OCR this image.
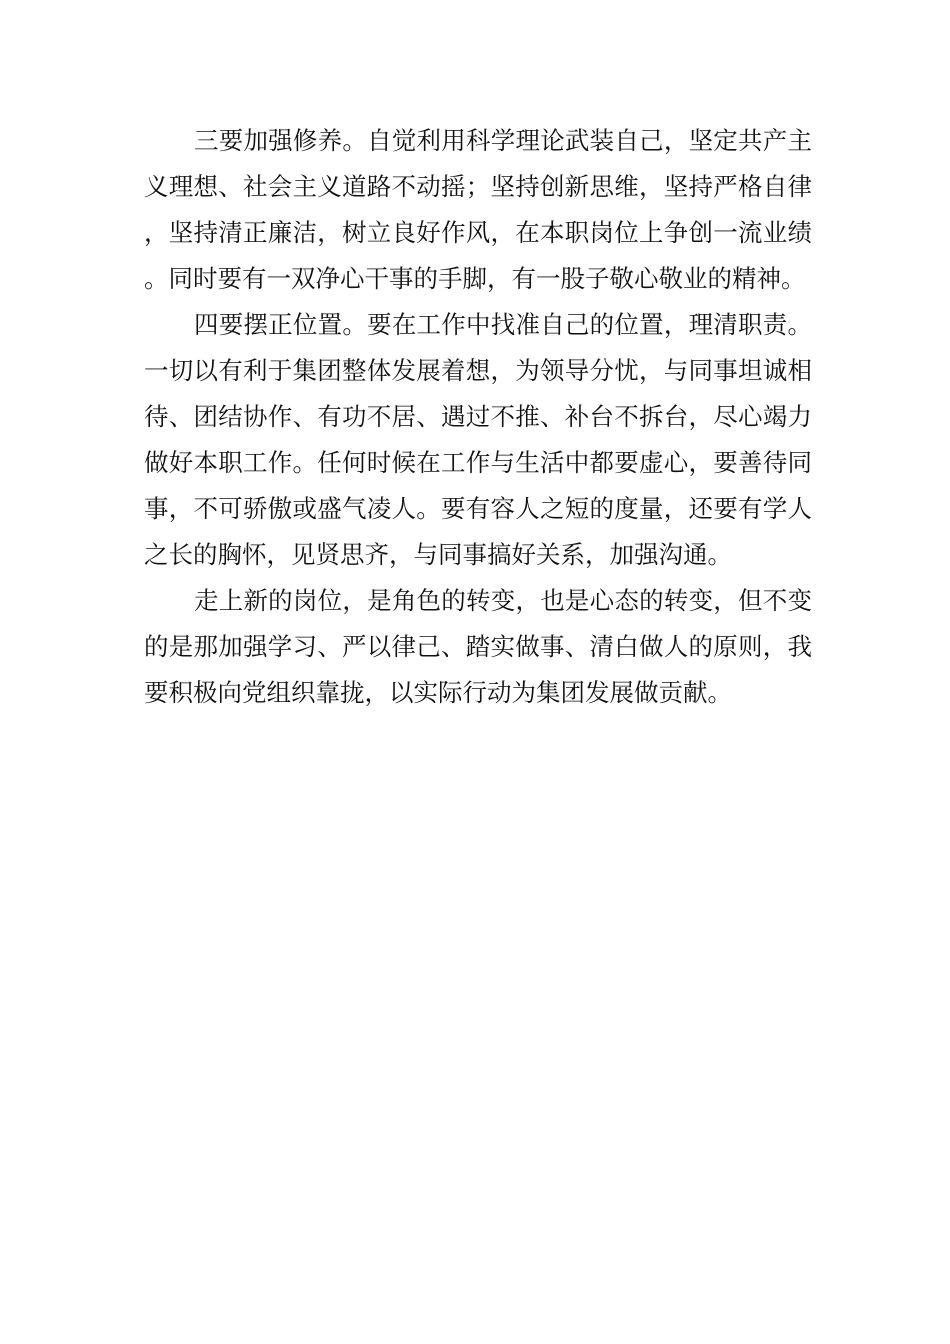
三要加强修养。自觉利用科学理论武装自己，坚定共产主义理想、社会主义道路不动摇；坚持创新思维，坚持严格自律，坚持清正廉洁，树立良好作风，在本职岗位上争创一流业绩。同时要有一双净心干事的手脚，有一股子敬心敬业的精神。

四要摆正位置。要在工作中找准自己的位置，理清职责。一切以有利于集团整体发展着想，为领导分忧，与同事坦诚相待、团结协作、有功不居、遇过不推、补台不拆台，尽心竭力做好本职工作。任何时候在工作与生活中都要虚心，要善待同事，不可骄傲或盛气凌人。要有容人之短的度量，还要有学人之长的胸怀，见贤思齐，与同事搞好关系，加强沟通。

走上新的岗位，是角色的转变，也是心态的转变，但不变的是那加强学习、严以律己、踏实做事、清白做人的原则，我要积极向党组织靠拢，以实际行动为集团发展做贡献。
